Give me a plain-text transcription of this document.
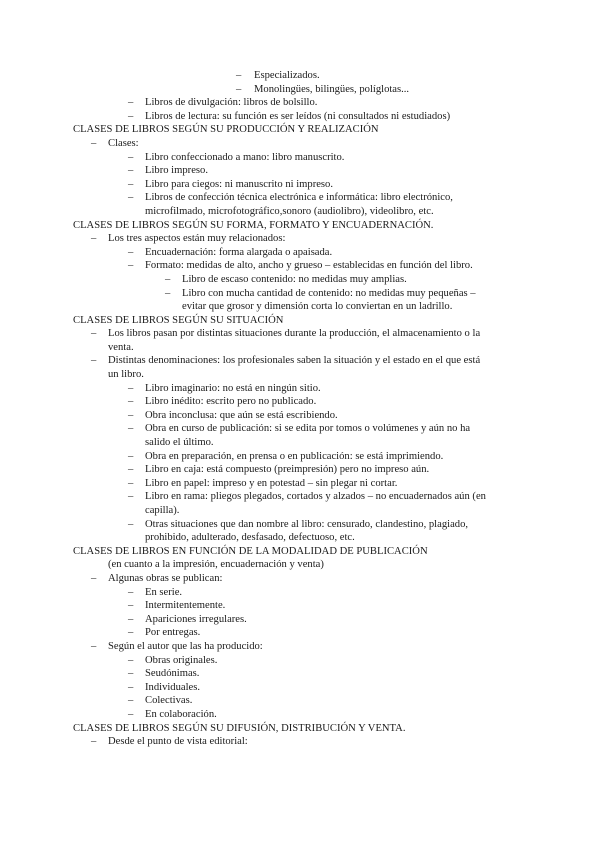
– Especializados.
– Monolingües, bilingües, políglotas...
– Libros de divulgación: libros de bolsillo.
– Libros de lectura: su función es ser leídos (ni consultados ni estudiados)
CLASES DE LIBROS SEGÚN SU PRODUCCIÓN Y REALIZACIÓN
– Clases:
– Libro confeccionado a mano: libro manuscrito.
– Libro impreso.
– Libro para ciegos: ni manuscrito ni impreso.
– Libros de confección técnica electrónica e informática: libro electrónico,
microfilmado, microfotográfico,sonoro (audiolibro), videolibro, etc.
CLASES DE LIBROS SEGÚN SU FORMA, FORMATO Y ENCUADERNACIÓN.
– Los tres aspectos están muy relacionados:
– Encuadernación: forma alargada o apaisada.
– Formato: medidas de alto, ancho y grueso – establecidas en función del libro.
– Libro de escaso contenido: no medidas muy amplias.
– Libro con mucha cantidad de contenido: no medidas muy pequeñas –
evitar que grosor y dimensión corta lo conviertan en un ladrillo.
CLASES DE LIBROS SEGÚN SU SITUACIÓN
– Los libros pasan por distintas situaciones durante la producción, el almacenamiento o la
venta.
– Distintas denominaciones: los profesionales saben la situación y el estado en el que está
un libro.
– Libro imaginario: no está en ningún sitio.
– Libro inédito: escrito pero no publicado.
– Obra inconclusa: que aún se está escribiendo.
– Obra en curso de publicación: si se edita por tomos o volúmenes y aún no ha
salido el último.
– Obra en preparación, en prensa o en publicación: se está imprimiendo.
– Libro en caja: está compuesto (preimpresión) pero no impreso aún.
– Libro en papel: impreso y en potestad – sin plegar ni cortar.
– Libro en rama: pliegos plegados, cortados y alzados – no encuadernados aún (en
capilla).
– Otras situaciones que dan nombre al libro: censurado, clandestino, plagiado,
prohibido, adulterado, desfasado, defectuoso, etc.
CLASES DE LIBROS EN FUNCIÓN DE LA MODALIDAD DE PUBLICACIÓN
(en cuanto a la impresión, encuadernación y venta)
– Algunas obras se publican:
– En serie.
– Intermitentemente.
– Apariciones irregulares.
– Por entregas.
– Según el autor que las ha producido:
– Obras originales.
– Seudónimas.
– Individuales.
– Colectivas.
– En colaboración.
CLASES DE LIBROS SEGÚN SU DIFUSIÓN, DISTRIBUCIÓN Y VENTA.
– Desde el punto de vista editorial:
